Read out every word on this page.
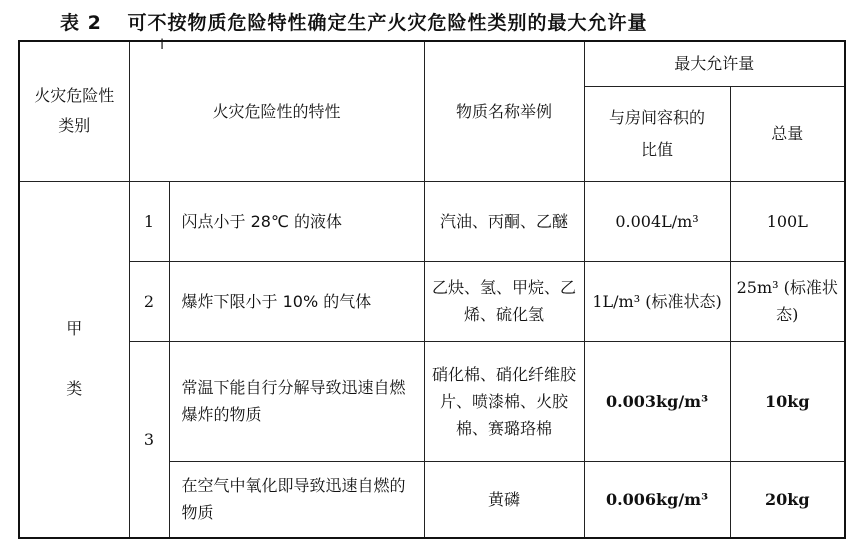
表 2 可不按物质危险特性确定生产火灾危险性类别的最大允许量
I
火灾危险性类别	火灾危险性的特性		物质名称举例	最大允许量	
				与房间容积的比值	总量

甲
类	1	闪点小于 28℃ 的液体	汽油、丙酮、乙醚	0.004L/m³	100L
	2	爆炸下限小于 10% 的气体	乙炔、氢、甲烷、乙烯、硫化氢	1L/m³ (标准状态)	25m³ (标准状态)
	3	常温下能自行分解导致迅速自燃爆炸的物质	硝化棉、硝化纤维胶片、喷漆棉、火胶棉、赛璐珞棉	0.003kg/m³	10kg
		在空气中氧化即导致迅速自燃的物质	黄磷	0.006kg/m³	20kg
